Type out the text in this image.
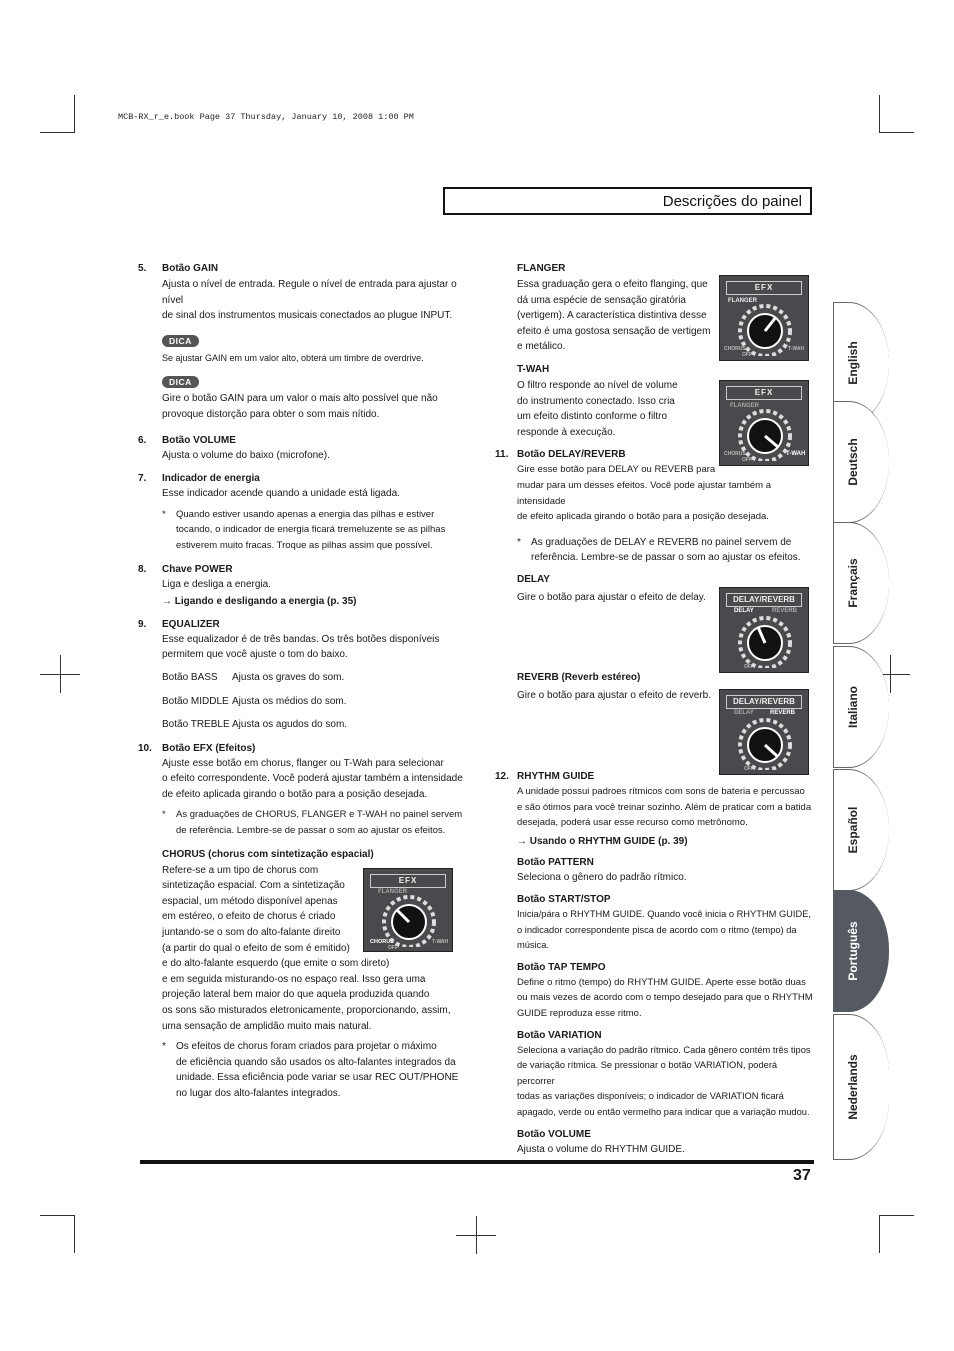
MCB-RX_r_e.book Page 37 Thursday, January 10, 2008 1:00 PM
Descrições do painel
5. Botão GAIN
Ajusta o nível de entrada. Regule o nível de entrada para ajustar o nível
de sinal dos instrumentos musicais conectados ao plugue INPUT.
DICA
Se ajustar GAIN em um valor alto, obterá um timbre de overdrive.
DICA
Gire o botão GAIN para um valor o mais alto possível que não
provoque distorção para obter o som mais nítido.
6. Botão VOLUME
Ajusta o volume do baixo (microfone).
7. Indicador de energia
Esse indicador acende quando a unidade está ligada.
* Quando estiver usando apenas a energia das pilhas e estiver
tocando, o indicador de energia ficará tremeluzente se as pilhas
estiverem muito fracas. Troque as pilhas assim que possível.
8. Chave POWER
Liga e desliga a energia.
→ Ligando e desligando a energia (p. 35)
9. EQUALIZER
Esse equalizador é de três bandas. Os três botões disponíveis
permitem que você ajuste o tom do baixo.
Botão BASS Ajusta os graves do som.
Botão MIDDLE Ajusta os médios do som.
Botão TREBLE Ajusta os agudos do som.
10. Botão EFX (Efeitos)
Ajuste esse botão em chorus, flanger ou T-Wah para selecionar
o efeito correspondente. Você poderá ajustar também a intensidade
de efeito aplicada girando o botão para a posição desejada.
* As graduações de CHORUS, FLANGER e T-WAH no painel servem
de referência. Lembre-se de passar o som ao ajustar os efeitos.
CHORUS (chorus com sintetização espacial)
Refere-se a um tipo de chorus com
sintetização espacial. Com a sintetização
espacial, um método disponível apenas
em estéreo, o efeito de chorus é criado
juntando-se o som do alto-falante direito
(a partir do qual o efeito de som é emitido)
e do alto-falante esquerdo (que emite o som direto)
e em seguida misturando-os no espaço real. Isso gera uma
projeção lateral bem maior do que aquela produzida quando
os sons são misturados eletronicamente, proporcionando, assim,
uma sensação de amplidão muito mais natural.
* Os efeitos de chorus foram criados para projetar o máximo
de eficiência quando são usados os alto-falantes integrados da
unidade. Essa eficiência pode variar se usar REC OUT/PHONE
no lugar dos alto-falantes integrados.
FLANGER
Essa graduação gera o efeito flanging, que
dá uma espécie de sensação giratória
(vertigem). A característica distintiva desse
efeito é uma gostosa sensação de vertigem
e metálico.
T-WAH
O filtro responde ao nível de volume
do instrumento conectado. Isso cria
um efeito distinto conforme o filtro
responde à execução.
11. Botão DELAY/REVERB
Gire esse botão para DELAY ou REVERB para
mudar para um desses efeitos. Você pode ajustar também a intensidade
de efeito aplicada girando o botão para a posição desejada.
* As graduações de DELAY e REVERB no painel servem de
referência. Lembre-se de passar o som ao ajustar os efeitos.
DELAY
Gire o botão para ajustar o efeito de delay.
REVERB (Reverb estéreo)
Gire o botão para ajustar o efeito de reverb.
12. RHYTHM GUIDE
A unidade possui padroes rítmicos com sons de bateria e percussao
e são ótimos para você treinar sozinho. Além de praticar com a batida
desejada, poderá usar esse recurso como metrônomo.
→ Usando o RHYTHM GUIDE (p. 39)
Botão PATTERN
Seleciona o gênero do padrão rítmico.
Botão START/STOP
Inicia/pára o RHYTHM GUIDE. Quando você inicia o RHYTHM GUIDE,
o indicador correspondente pisca de acordo com o ritmo (tempo) da música.
Botão TAP TEMPO
Define o ritmo (tempo) do RHYTHM GUIDE. Aperte esse botão duas
ou mais vezes de acordo com o tempo desejado para que o RHYTHM
GUIDE reproduza esse ritmo.
Botão VARIATION
Seleciona a variação do padrão rítmico. Cada gênero contém três tipos
de variação rítmica. Se pressionar o botão VARIATION, poderá percorrer
todas as variações disponíveis; o indicador de VARIATION ficará
apagado, verde ou então vermelho para indicar que a variação mudou.
Botão VOLUME
Ajusta o volume do RHYTHM GUIDE.
EFX
FLANGER
CHORUS	T-WAH
OFF
EFX
FLANGER
CHORUS	T-WAH
OFF
DELAY/REVERB
DELAY	REVERB
OFF
DELAY/REVERB
DELAY	REVERB
OFF
EFX
FLANGER
CHORUS	T-WAH
OFF
English
Deutsch
Français
Italiano
Español
Português
Nederlands
37
